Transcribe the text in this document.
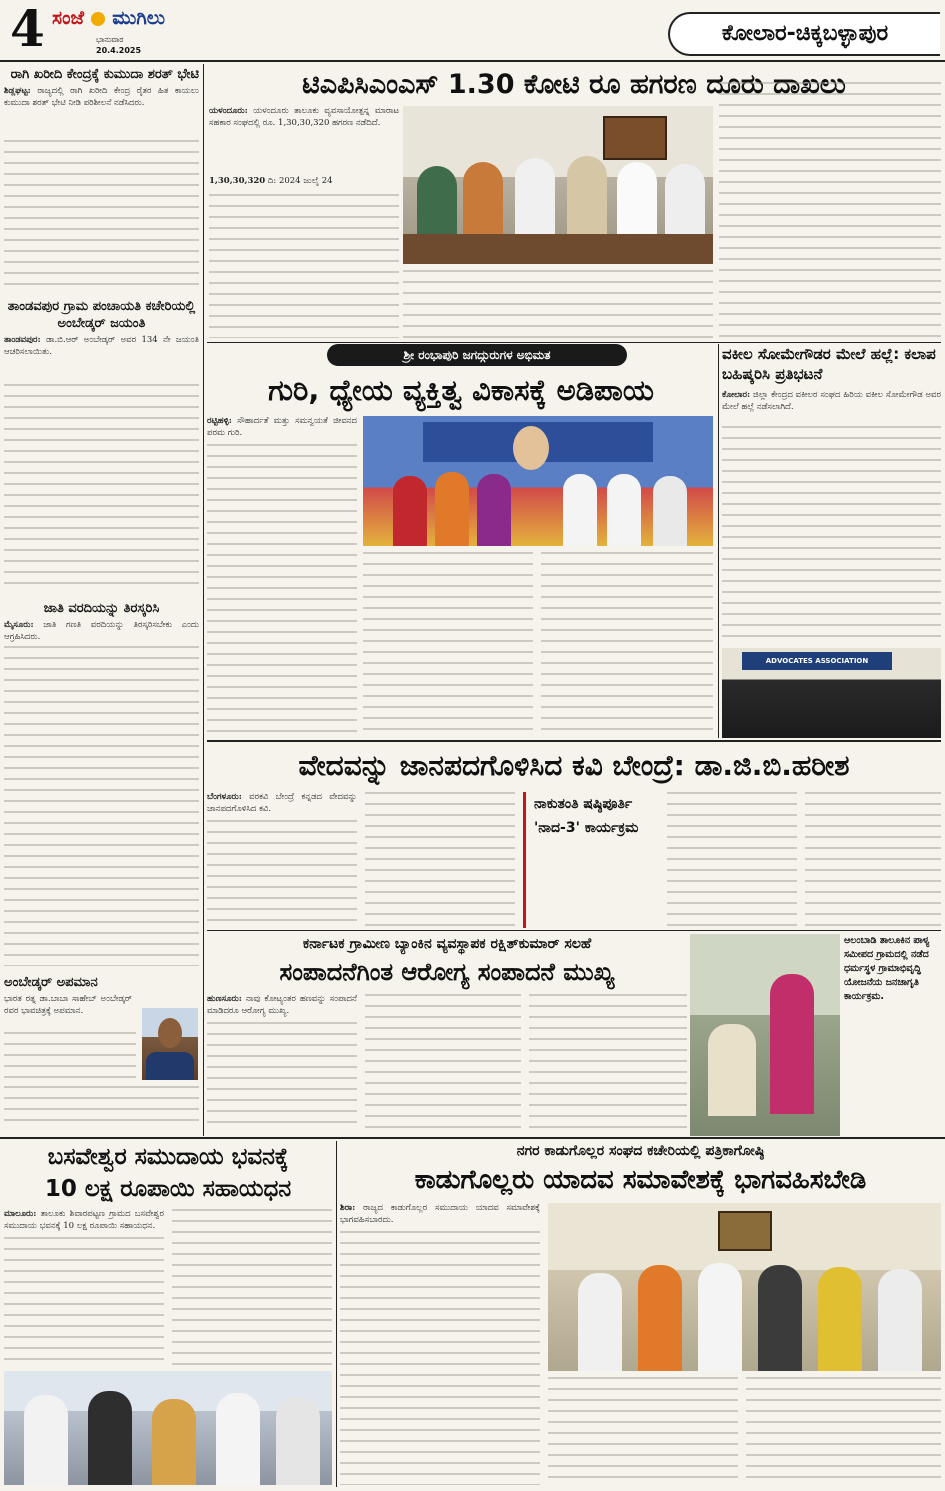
4 ಸಂಜೆ ಮುಗಿಲು
ಭಾನುವಾರ
20.4.2025
ಕೋಲಾರ-ಚಿಕ್ಕಬಳ್ಳಾಪುರ
ರಾಗಿ ಖರೀದಿ ಕೇಂದ್ರಕ್ಕೆ ಕುಮುದಾ ಶರತ್ ಭೇಟಿ
ಶಿಡ್ಲಘಟ್ಟ: ರಾಜ್ಯದಲ್ಲಿ ರಾಗಿ ಖರೀದಿ ಕೇಂದ್ರ ರೈತರ ಹಿತ ಕಾಯಲು ಕುಮುದಾ ಶರತ್ ಭೇಟಿ ನೀಡಿ ಪರಿಶೀಲನೆ ನಡೆಸಿದರು.
ತಾಂಡವಪುರ ಗ್ರಾಮ ಪಂಚಾಯತಿ ಕಚೇರಿಯಲ್ಲಿ ಅಂಬೇಡ್ಕರ್ ಜಯಂತಿ
ತಾಂಡವಪುರ: ಡಾ.ಬಿ.ಆರ್ ಅಂಬೇಡ್ಕರ್ ಅವರ 134 ನೇ ಜಯಂತಿ ಆಚರಿಸಲಾಯಿತು.
ಜಾತಿ ವರದಿಯನ್ನು ತಿರಸ್ಕರಿಸಿ
ಮೈಸೂರು: ಜಾತಿ ಗಣತಿ ವರದಿಯನ್ನು ತಿರಸ್ಕರಿಸಬೇಕು ಎಂದು ಆಗ್ರಹಿಸಿದರು.
ಅಂಬೇಡ್ಕರ್ ಅಪಮಾನ
ಭಾರತ ರತ್ನ ಡಾ.ಬಾಬಾ ಸಾಹೇಬ್ ಅಂಬೇಡ್ಕರ್ ರವರ ಭಾವಚಿತ್ರಕ್ಕೆ ಅಪಮಾನ.
ಟಿಎಪಿಸಿಎಂಎಸ್ 1.30 ಕೋಟಿ ರೂ ಹಗರಣ ದೂರು ದಾಖಲು
ಯಳಂದೂರು: ಯಳಂದೂರು ತಾಲೂಕು ವ್ಯವಸಾಯೋತ್ಪನ್ನ ಮಾರಾಟ ಸಹಕಾರ ಸಂಘದಲ್ಲಿ ರೂ. 1,30,30,320 ಹಗರಣ ನಡೆದಿದೆ.
1,30,30,320 ದಿ: 2024 ಜುಲೈ 24
ಶ್ರೀ ರಂಭಾಪುರಿ ಜಗದ್ಗುರುಗಳ ಅಭಿಮತ
ಗುರಿ, ಧ್ಯೇಯ ವ್ಯಕ್ತಿತ್ವ ವಿಕಾಸಕ್ಕೆ ಅಡಿಪಾಯ
ರಟ್ಟಿಹಳ್ಳಿ: ಸೌಹಾರ್ದತೆ ಮತ್ತು ಸಮನ್ವಯತೆ ಜೀವನದ ಪರಮ ಗುರಿ.
ವಕೀಲ ಸೋಮೇಗೌಡರ ಮೇಲೆ ಹಲ್ಲೆ: ಕಲಾಪ ಬಹಿಷ್ಕರಿಸಿ ಪ್ರತಿಭಟನೆ
ಕೋಲಾರ: ಜಿಲ್ಲಾ ಕೇಂದ್ರದ ವಕೀಲರ ಸಂಘದ ಹಿರಿಯ ವಕೀಲ ಸೋಮೇಗೌಡ ಅವರ ಮೇಲೆ ಹಲ್ಲೆ ನಡೆಸಲಾಗಿದೆ.
ADVOCATES ASSOCIATION
ವೇದವನ್ನು ಜಾನಪದಗೊಳಿಸಿದ ಕವಿ ಬೇಂದ್ರೆ: ಡಾ.ಜಿ.ಬಿ.ಹರೀಶ
ಬೆಂಗಳೂರು: ವರಕವಿ ಬೇಂದ್ರೆ ಕನ್ನಡದ ವೇದವನ್ನು ಜಾನಪದಗೊಳಿಸಿದ ಕವಿ.	ನಾಕುತಂತಿ ಷಷ್ಠಿಪೂರ್ತಿ 'ನಾದ-3' ಕಾರ್ಯಕ್ರಮ
ಕರ್ನಾಟಕ ಗ್ರಾಮೀಣ ಬ್ಯಾಂಕಿನ ವ್ಯವಸ್ಥಾಪಕ ರಕ್ಷಿತ್‌ಕುಮಾರ್ ಸಲಹೆ
ಸಂಪಾದನೆಗಿಂತ ಆರೋಗ್ಯ ಸಂಪಾದನೆ ಮುಖ್ಯ
ಹುಣಸೂರು: ನಾವು ಕೋಟ್ಯಂತರ ಹಣವನ್ನು ಸಂಪಾದನೆ ಮಾಡಿದರೂ ಆರೋಗ್ಯ ಮುಖ್ಯ.
ಆಲಂಬಾಡಿ ತಾಲೂಕಿನ ಪಾಳ್ಯ ಸಮೀಪದ ಗ್ರಾಮದಲ್ಲಿ ನಡೆದ ಧರ್ಮಸ್ಥಳ ಗ್ರಾಮಾಭಿವೃದ್ಧಿ ಯೋಜನೆಯ ಜನಜಾಗೃತಿ ಕಾರ್ಯಕ್ರಮ.
ಬಸವೇಶ್ವರ ಸಮುದಾಯ ಭವನಕ್ಕೆ
10 ಲಕ್ಷ ರೂಪಾಯಿ ಸಹಾಯಧನ
ಮಾಲೂರು: ತಾಲೂಕು ಶಿವಾರಪಟ್ಟಣ ಗ್ರಾಮದ ಬಸವೇಶ್ವರ ಸಮುದಾಯ ಭವನಕ್ಕೆ 10 ಲಕ್ಷ ರೂಪಾಯಿ ಸಹಾಯಧನ.
ನಗರ ಕಾಡುಗೊಲ್ಲರ ಸಂಘದ ಕಚೇರಿಯಲ್ಲಿ ಪತ್ರಿಕಾಗೋಷ್ಠಿ
ಕಾಡುಗೊಲ್ಲರು ಯಾದವ ಸಮಾವೇಶಕ್ಕೆ ಭಾಗವಹಿಸಬೇಡಿ
ಶಿರಾ: ರಾಜ್ಯದ ಕಾಡುಗೊಲ್ಲರ ಸಮುದಾಯ ಯಾದವ ಸಮಾವೇಶಕ್ಕೆ ಭಾಗವಹಿಸಬಾರದು.
